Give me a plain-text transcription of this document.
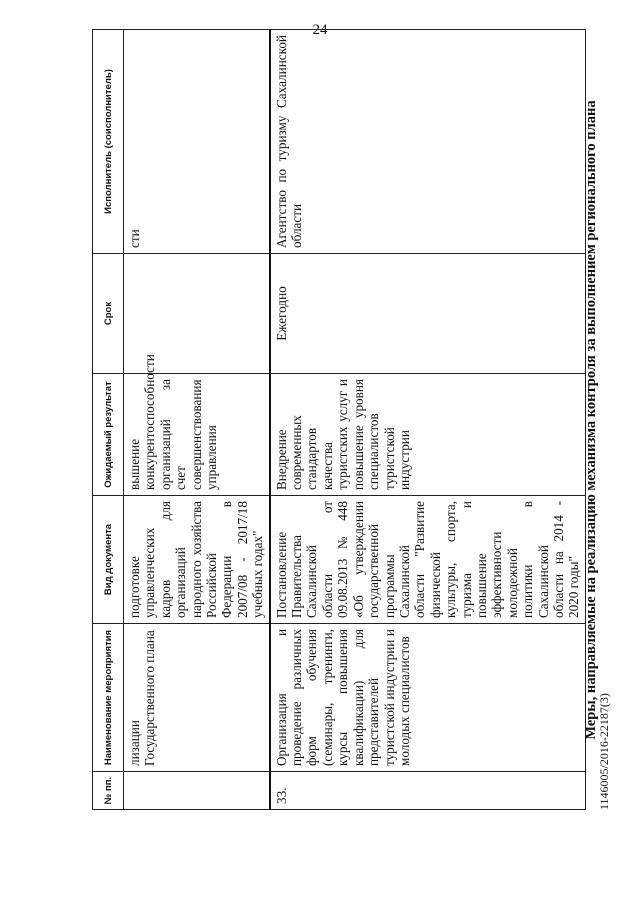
24
№ пп.	Наименование мероприятия	Вид документа	Ожидаемый результат	Срок	Исполнитель (соисполнитель)
	лизации Государственного плана	подготовке управленческих кадров для организаций народного хозяйства Российской Федерации в 2007/08 - 2017/18 учебных годах"	вышение конкурентоспособности организаций за счет совершенствования управления		сти
33.	Организация и проведение различных форм обучения (семинары, тренинги, курсы повышения квалификации) для представителей туристской индустрии и молодых специалистов	Постановление Правительства Сахалинской области от 09.08.2013 № 448 «Об утверждении государственной программы Сахалинской области "Развитие физической культуры, спорта, туризма и повышение эффективности молодежной политики в Сахалинской области на 2014 - 2020 годы"	Внедрение современных стандартов качества туристских услуг и повышение уровня специалистов туристской индустрии	Ежегодно	Агентство по туризму Сахалинской области	Меры, направляемые на реализацию механизма контроля за выполнением регионального плана
1146005/2016-22187(3)
